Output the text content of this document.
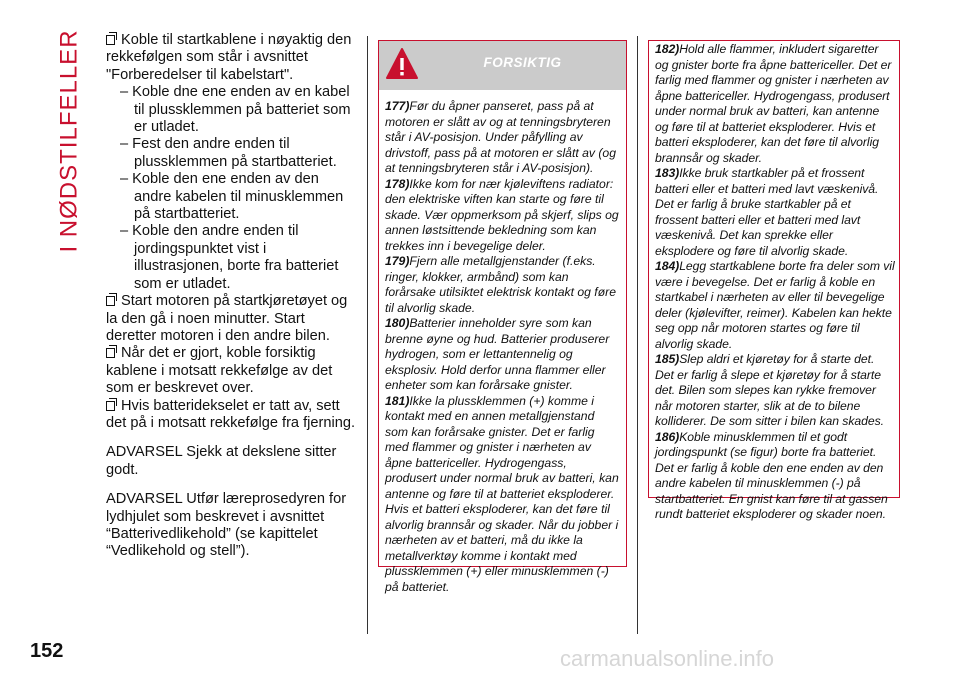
I NØDSTILFELLER
152

Koble til startkablene i nøyaktig den rekkefølgen som står i avsnittet "Forberedelser til kabelstart".

– Koble dne ene enden av en kabel til plussklemmen på batteriet som er utladet.

– Fest den andre enden til plussklemmen på startbatteriet.

– Koble den ene enden av den andre kabelen til minusklemmen på startbatteriet.

– Koble den andre enden til jordingspunktet vist i illustrasjonen, borte fra batteriet som er utladet.

Start motoren på startkjøretøyet og la den gå i noen minutter. Start deretter motoren i den andre bilen.

Når det er gjort, koble forsiktig kablene i motsatt rekkefølge av det som er beskrevet over.

Hvis batteridekselet er tatt av, sett det på i motsatt rekkefølge fra fjerning.

ADVARSEL Sjekk at dekslene sitter godt.

ADVARSEL Utfør læreprosedyren for lydhjulet som beskrevet i avsnittet “Batterivedlikehold” (se kapittelet “Vedlikehold og stell”).

FORSIKTIG

177)Før du åpner panseret, pass på at motoren er slått av og at tenningsbryteren står i AV-posisjon. Under påfylling av drivstoff, pass på at motoren er slått av (og at tenningsbryteren står i AV-posisjon).

178)Ikke kom for nær kjøleviftens radiator: den elektriske viften kan starte og føre til skade. Vær oppmerksom på skjerf, slips og annen løstsittende bekledning som kan trekkes inn i bevegelige deler.

179)Fjern alle metallgjenstander (f.eks. ringer, klokker, armbånd) som kan forårsake utilsiktet elektrisk kontakt og føre til alvorlig skade.

180)Batterier inneholder syre som kan brenne øyne og hud. Batterier produserer hydrogen, som er lettantennelig og eksplosiv. Hold derfor unna flammer eller enheter som kan forårsake gnister.

181)Ikke la plussklemmen (+) komme i kontakt med en annen metallgjenstand som kan forårsake gnister. Det er farlig med flammer og gnister i nærheten av åpne battericeller. Hydrogengass, produsert under normal bruk av batteri, kan antenne og føre til at batteriet eksploderer. Hvis et batteri eksploderer, kan det føre til alvorlig brannsår og skader. Når du jobber i nærheten av et batteri, må du ikke la metallverktøy komme i kontakt med plussklemmen (+) eller minusklemmen (-) på batteriet.

182)Hold alle flammer, inkludert sigaretter og gnister borte fra åpne battericeller. Det er farlig med flammer og gnister i nærheten av åpne battericeller. Hydrogengass, produsert under normal bruk av batteri, kan antenne og føre til at batteriet eksploderer. Hvis et batteri eksploderer, kan det føre til alvorlig brannsår og skader.

183)Ikke bruk startkabler på et frossent batteri eller et batteri med lavt væskenivå. Det er farlig å bruke startkabler på et frossent batteri eller et batteri med lavt væskenivå. Det kan sprekke eller eksplodere og føre til alvorlig skade.

184)Legg startkablene borte fra deler som vil være i bevegelse. Det er farlig å koble en startkabel i nærheten av eller til bevegelige deler (kjølevifter, reimer). Kabelen kan hekte seg opp når motoren startes og føre til alvorlig skade.

185)Slep aldri et kjøretøy for å starte det. Det er farlig å slepe et kjøretøy for å starte det. Bilen som slepes kan rykke fremover når motoren starter, slik at de to bilene kolliderer. De som sitter i bilen kan skades.

186)Koble minusklemmen til et godt jordingspunkt (se figur) borte fra batteriet. Det er farlig å koble den ene enden av den andre kabelen til minusklemmen (-) på startbatteriet. En gnist kan føre til at gassen rundt batteriet eksploderer og skader noen.

carmanualsonline.info
